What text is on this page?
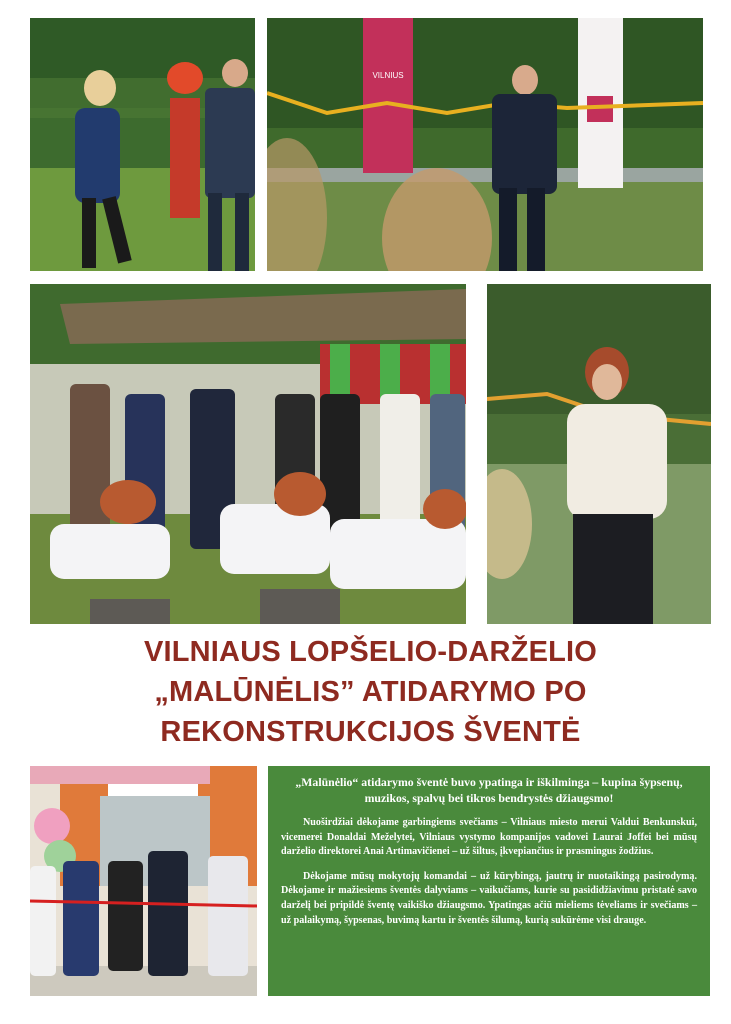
VILNIUS
VILNIAUS LOPŠELIO-DARŽELIO
„MALŪNĖLIS” ATIDARYMO PO
REKONSTRUKCIJOS ŠVENTĖ

„Malūnėlio“ atidarymo šventė buvo ypatinga ir iškilminga – kupina šypsenų, muzikos, spalvų bei tikros bendrystės džiaugsmo!

Nuoširdžiai dėkojame garbingiems svečiams – Vilniaus miesto merui Valdui Benkunskui, vicemerei Donaldai Meželytei, Vilniaus vystymo kompanijos vadovei Laurai Joffei bei mūsų darželio direktorei Anai Artimavičienei – už šiltus, įkvepiančius ir prasmingus žodžius.

Dėkojame mūsų mokytojų komandai – už kūrybingą, jautrų ir nuotaikingą pasirodymą. Dėkojame ir mažiesiems šventės dalyviams – vaikučiams, kurie su pasididžiavimu pristatė savo darželį bei pripildė šventę vaikiško džiaugsmo. Ypatingas ačiū mieliems tėveliams ir svečiams – už palaikymą, šypsenas, buvimą kartu ir šventės šilumą, kurią sukūrėme visi drauge.
